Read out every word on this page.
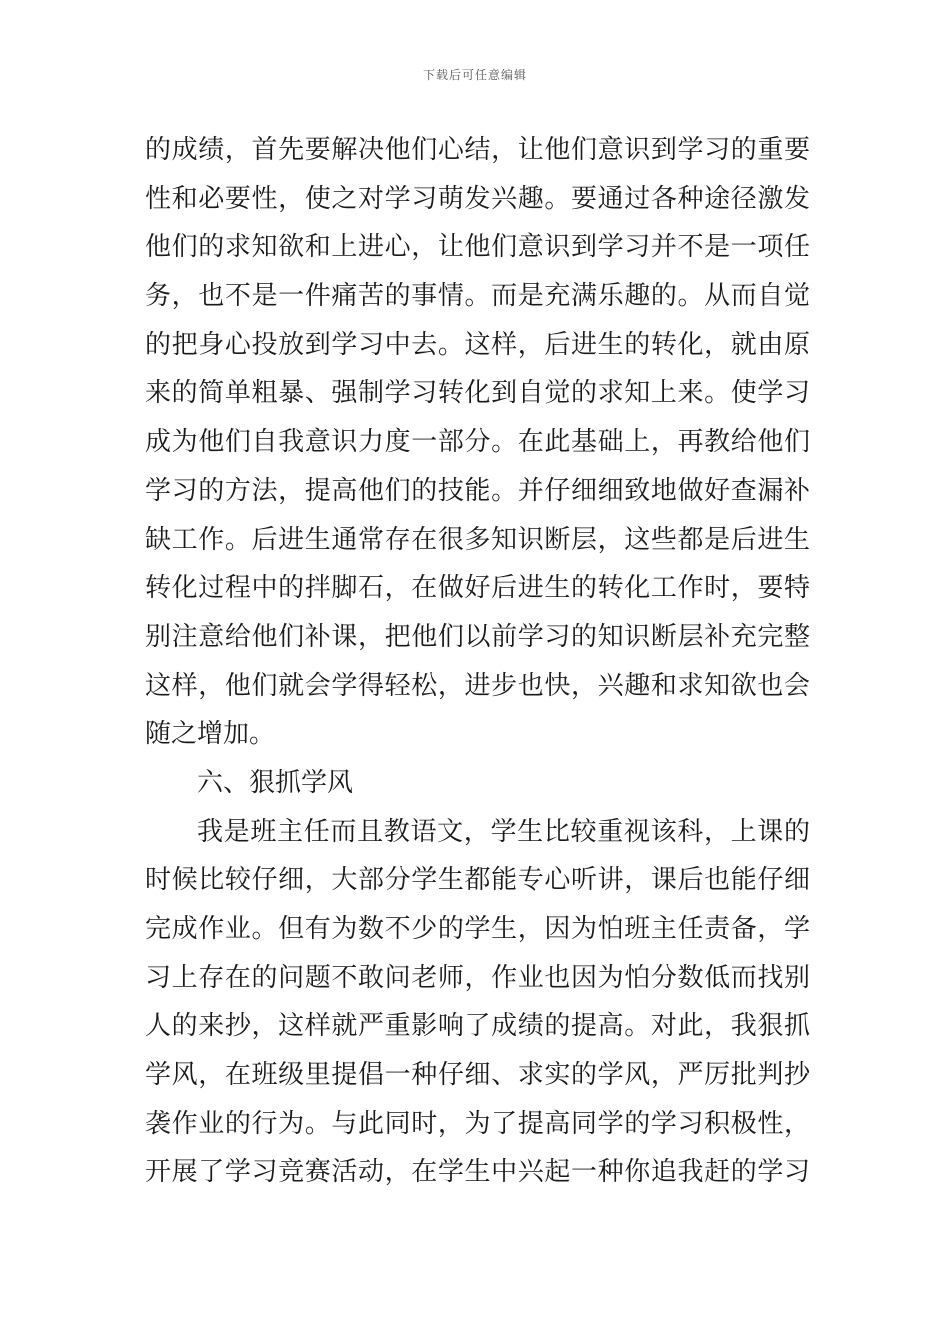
下载后可任意编辑
的成绩，首先要解决他们心结，让他们意识到学习的重要
性和必要性，使之对学习萌发兴趣。要通过各种途径激发
他们的求知欲和上进心，让他们意识到学习并不是一项任
务，也不是一件痛苦的事情。而是充满乐趣的。从而自觉
的把身心投放到学习中去。这样，后进生的转化，就由原
来的简单粗暴、强制学习转化到自觉的求知上来。使学习
成为他们自我意识力度一部分。在此基础上，再教给他们
学习的方法，提高他们的技能。并仔细细致地做好查漏补
缺工作。后进生通常存在很多知识断层，这些都是后进生
转化过程中的拌脚石，在做好后进生的转化工作时，要特
别注意给他们补课，把他们以前学习的知识断层补充完整
这样，他们就会学得轻松，进步也快，兴趣和求知欲也会
随之增加。
六、狠抓学风
我是班主任而且教语文，学生比较重视该科，上课的
时候比较仔细，大部分学生都能专心听讲，课后也能仔细
完成作业。但有为数不少的学生，因为怕班主任责备，学
习上存在的问题不敢问老师，作业也因为怕分数低而找别
人的来抄，这样就严重影响了成绩的提高。对此，我狠抓
学风，在班级里提倡一种仔细、求实的学风，严厉批判抄
袭作业的行为。与此同时，为了提高同学的学习积极性，
开展了学习竞赛活动，在学生中兴起一种你追我赶的学习
